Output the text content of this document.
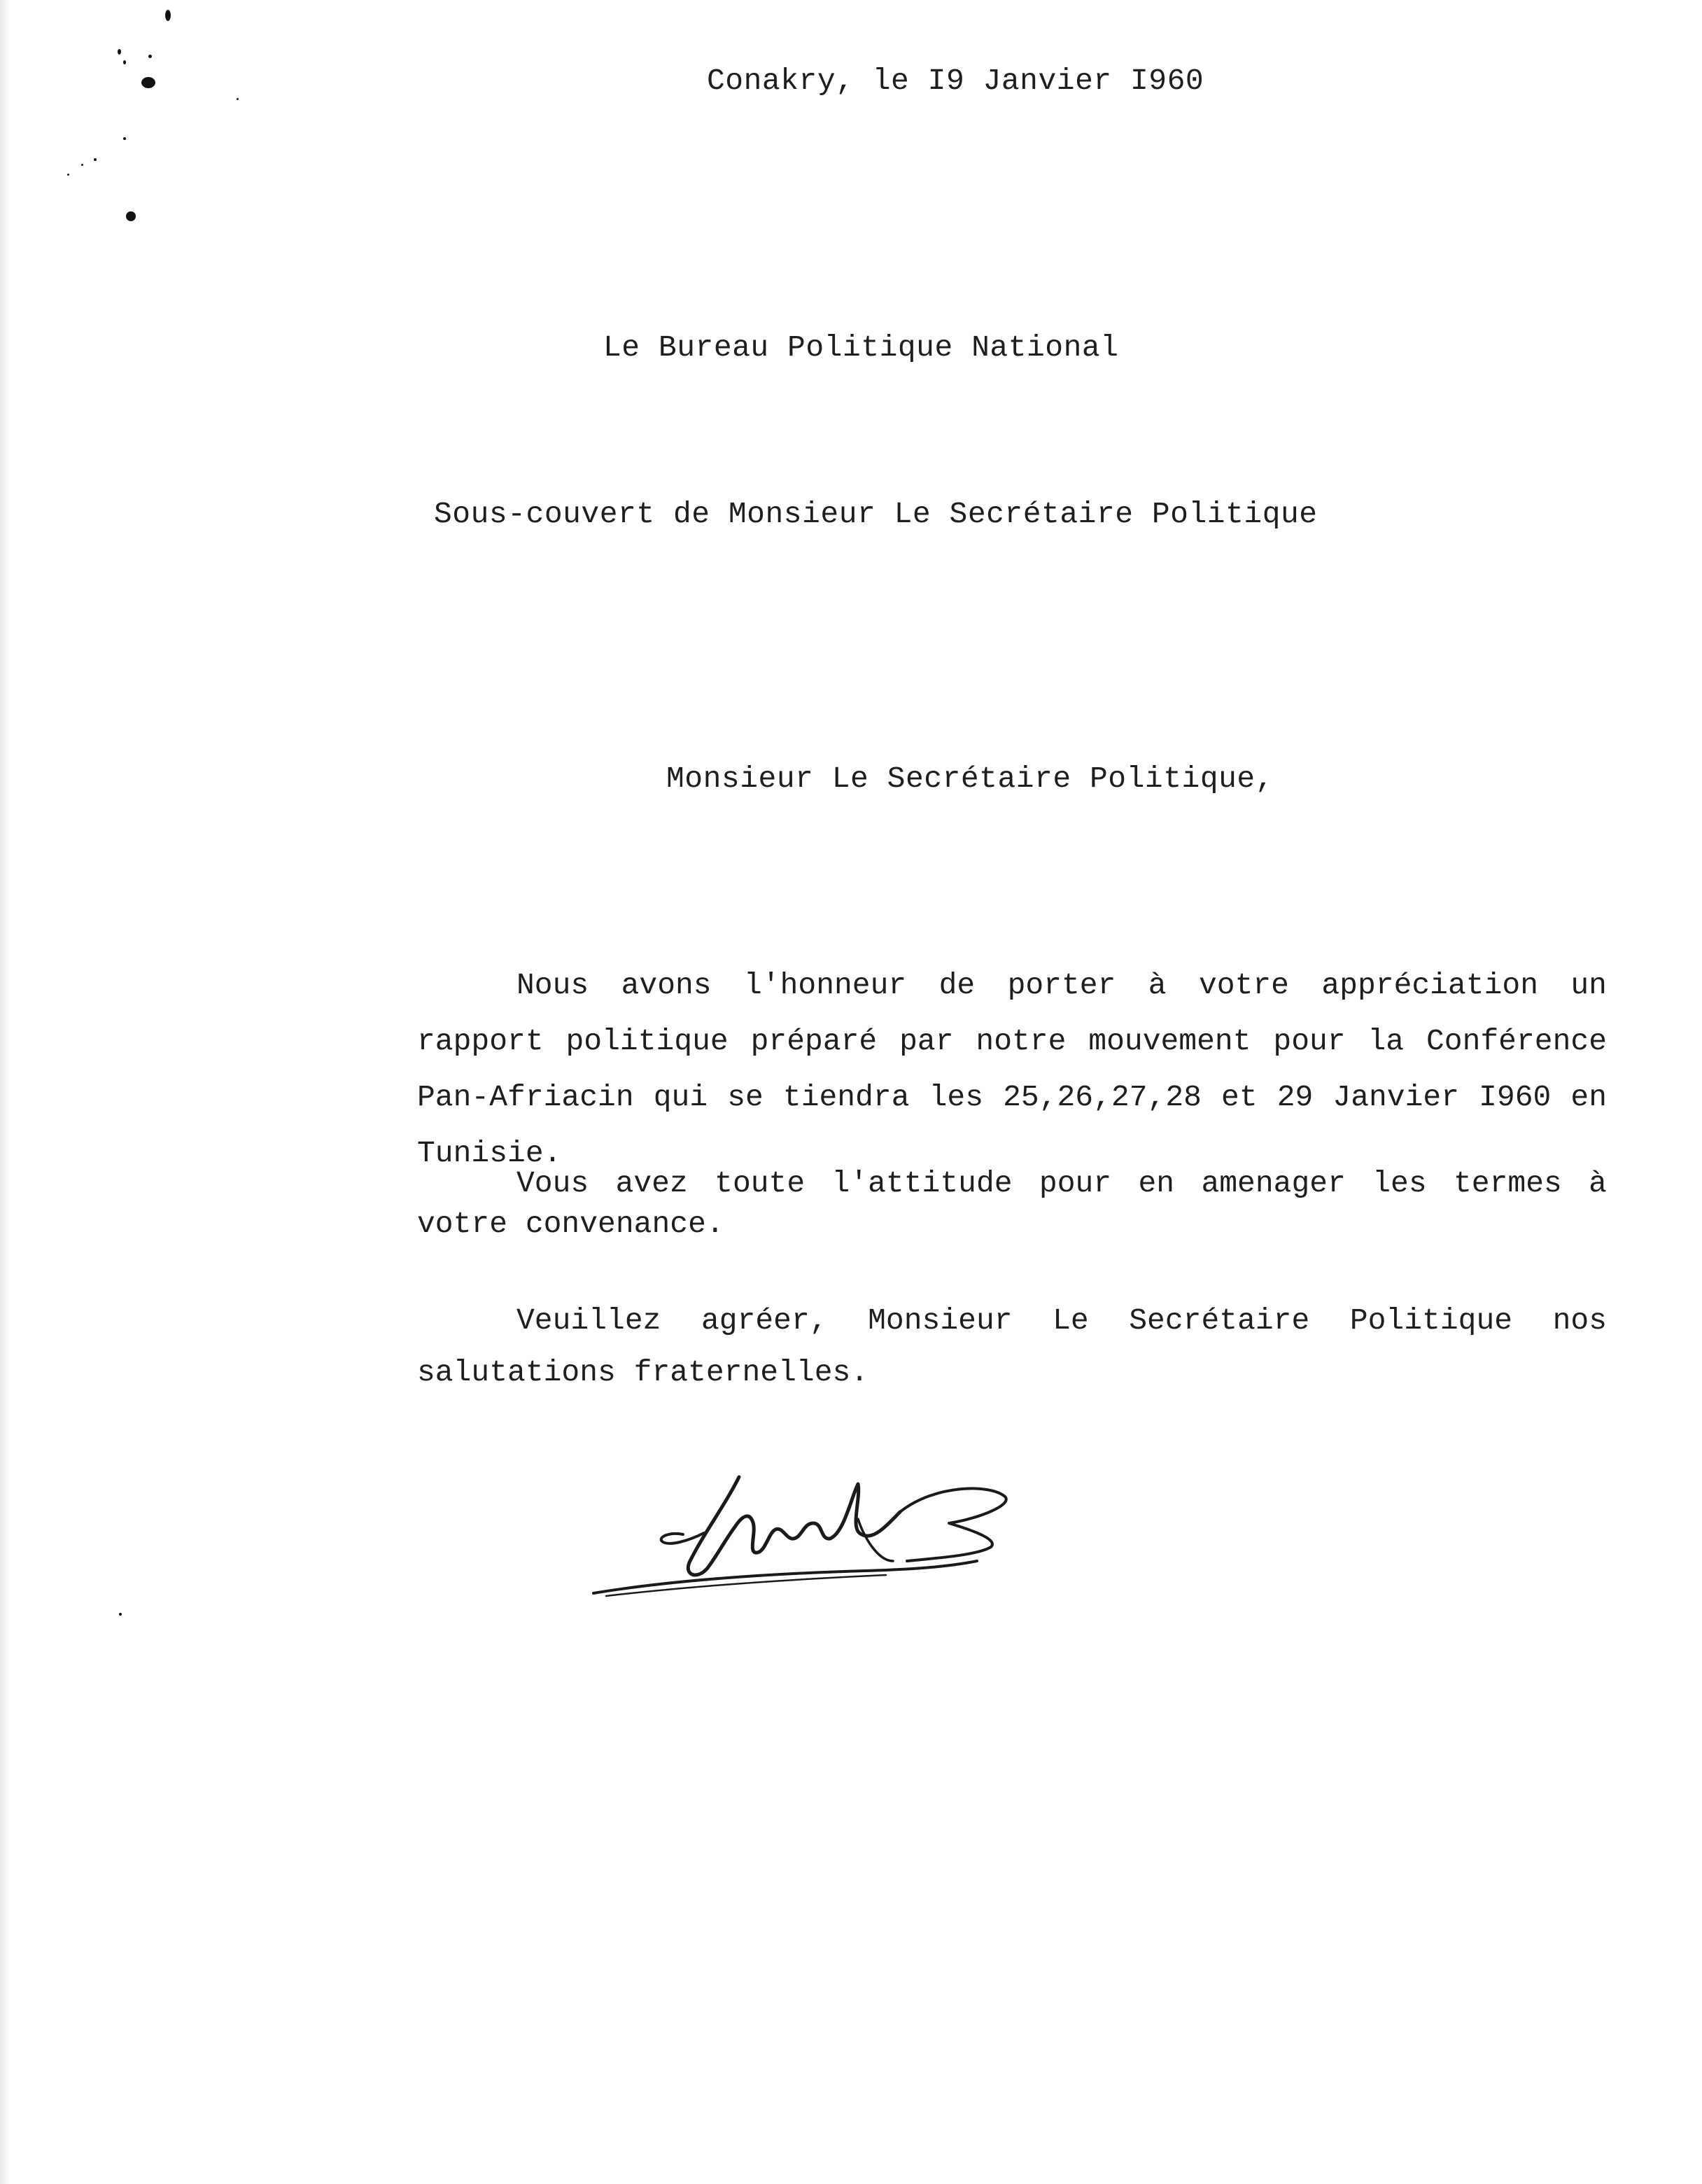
Conakry, le I9 Janvier I960
Le Bureau Politique National
Sous-couvert de Monsieur Le Secrétaire Politique
Monsieur Le Secrétaire Politique,

Nous avons l'honneur de porter à votre appréciation un rapport politique préparé par notre mouvement pour la Conférence Pan-Afriacin qui se tiendra les 25,26,27,28 et 29 Janvier I960 en Tunisie.

Vous avez toute l'attitude pour en amenager les termes à votre convenance.

Veuillez agréer, Monsieur Le Secrétaire Politique nos salutations fraternelles.
